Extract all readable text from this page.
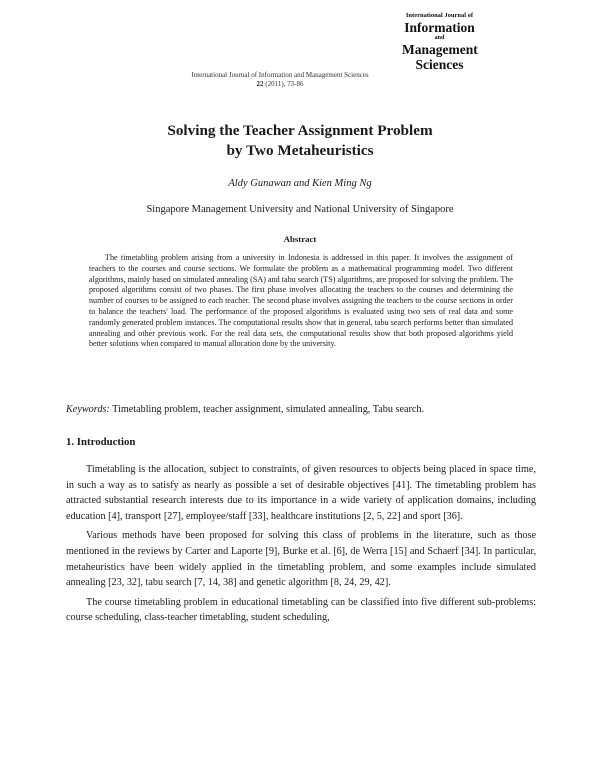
International Journal of Information and Management Sciences
22 (2011), 73-86
International Journal of
Information
and
Management
Sciences
Solving the Teacher Assignment Problem
by Two Metaheuristics
Aldy Gunawan and Kien Ming Ng
Singapore Management University and National University of Singapore
Abstract

The timetabling problem arising from a university in Indonesia is addressed in this paper. It involves the assignment of teachers to the courses and course sections. We formulate the problem as a mathematical programming model. Two different algorithms, mainly based on simulated annealing (SA) and tabu search (TS) algorithms, are proposed for solving the problem. The proposed algorithms consist of two phases. The first phase involves allocating the teachers to the courses and determining the number of courses to be assigned to each teacher. The second phase involves assigning the teachers to the course sections in order to balance the teachers' load. The performance of the proposed algorithms is evaluated using two sets of real data and some randomly generated problem instances. The computational results show that in general, tabu search performs better than simulated annealing and other previous work. For the real data sets, the computational results show that both proposed algorithms yield better solutions when compared to manual allocation done by the university.

Keywords: Timetabling problem, teacher assignment, simulated annealing, Tabu search.
1. Introduction

Timetabling is the allocation, subject to constraints, of given resources to objects being placed in space time, in such a way as to satisfy as nearly as possible a set of desirable objectives [41]. The timetabling problem has attracted substantial research interests due to its importance in a wide variety of application domains, including education [4], transport [27], employee/staff [33], healthcare institutions [2, 5, 22] and sport [36].

Various methods have been proposed for solving this class of problems in the literature, such as those mentioned in the reviews by Carter and Laporte [9], Burke et al. [6], de Werra [15] and Schaerf [34]. In particular, metaheuristics have been widely applied in the timetabling problem, and some examples include simulated annealing [23, 32], tabu search [7, 14, 38] and genetic algorithm [8, 24, 29, 42].

The course timetabling problem in educational timetabling can be classified into five different sub-problems: course scheduling, class-teacher timetabling, student scheduling,
